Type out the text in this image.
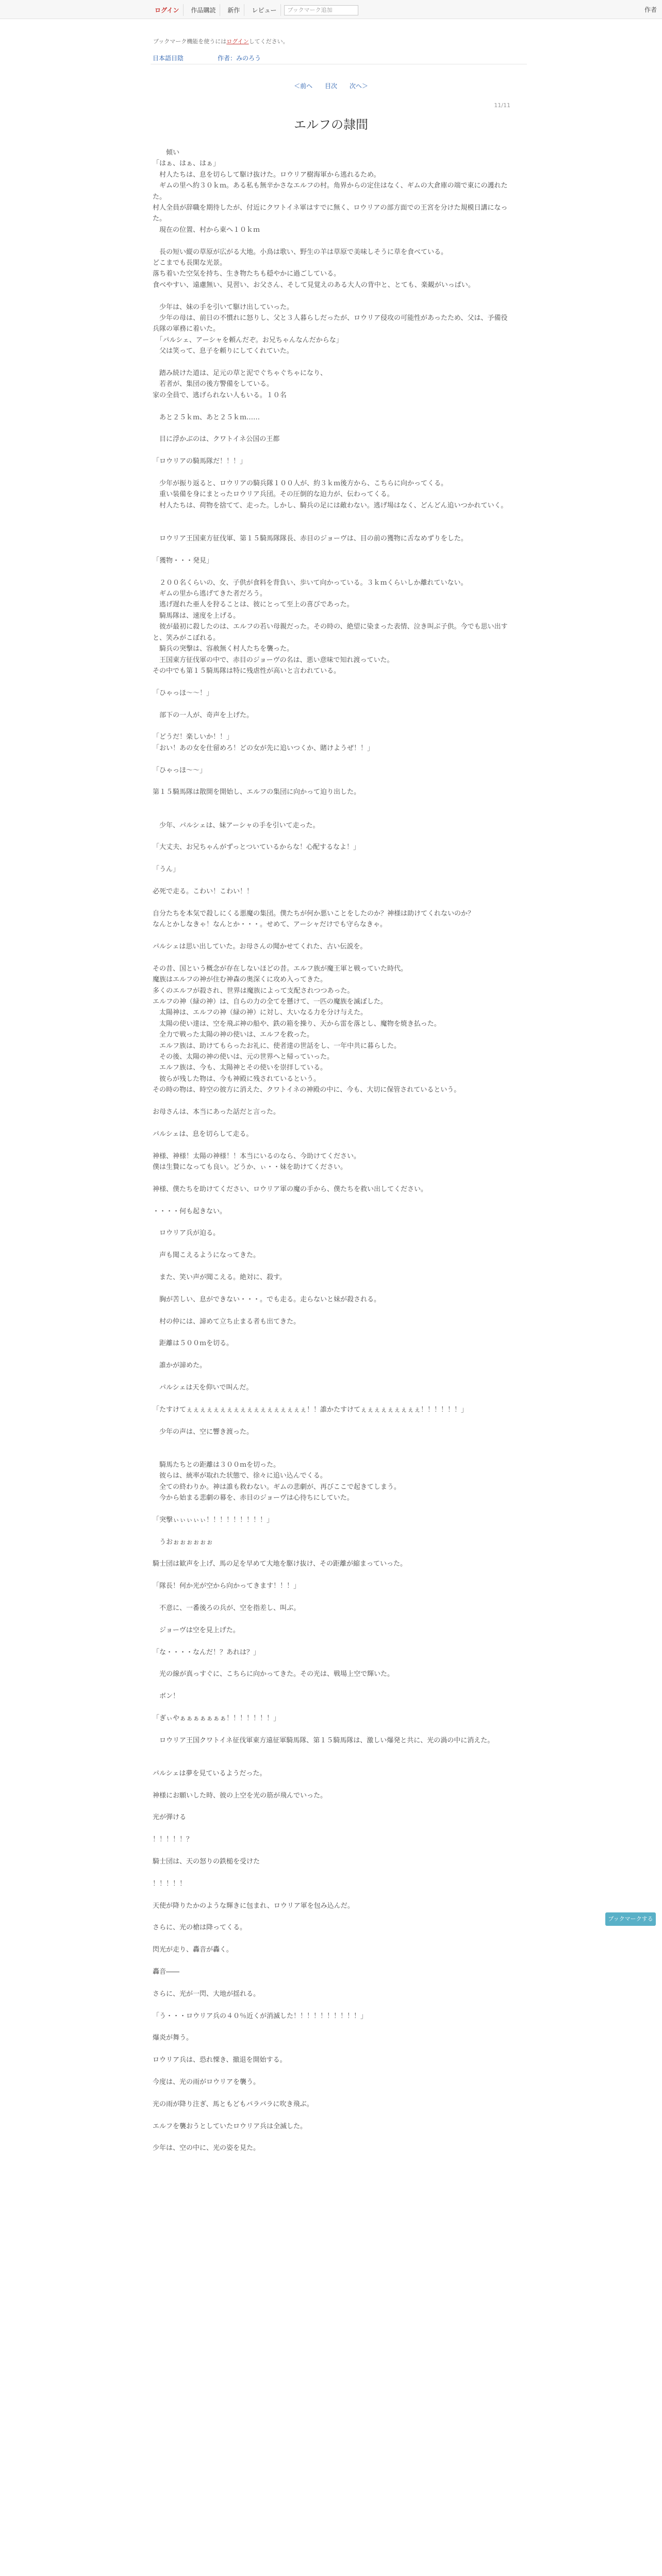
ログイン	作品購読	新作	レビュー	ブックマーク追加	作者
ブックマーク機能を使うにはログインしてください。
日本語日陰	作者：みのろう
＜前へ 目次 次へ＞
11/11
エルフの隷間

　　傾い

「はぁ、はぁ、はぁ」

　村人たちは、息を切らして駆け抜けた。ロウリア樹海軍から逃れるため。

　ギムの里へ約３０ｋｍ。ある私も無辛かさなエルフの村。角界からの定住はなく、ギムの大倉庫の端で東にの護れたた。

村人全員が辞職を期待したが、付近にクワトイネ軍はすでに無く、ロウリアの部方面での王宮を分けた規模日講になった。

　現在の位置、村から東へ１０ｋｍ

　長の短い縦の草原が広がる大地。小鳥は歌い、野生の羊は草原で美味しそうに草を食べている。

どこまでも長閑な光景。

落ち着いた空気を持ち、生き物たちも穏やかに過ごしている。

食べやすい、遠慮無い、見習い、お父さん、そして見覚えのある大人の背中と、とても、楽観がいっぱい。

　少年は、妹の手を引いて駆け出していった。

　少年の母は、前日の不慣れに怒りし、父と３人暮らしだったが、ロウリア侵攻の可能性があったため、父は、予備役兵隊の軍務に着いた。

　「パルシェ、アーシャを頼んだぞ。お兄ちゃんなんだからな」

　父は笑って、息子を頼りにしてくれていた。

　踏み続けた道は、足元の草と泥でぐちゃぐちゃになり、

　若者が、集団の後方警備をしている。

家の全員で、逃げられない人もいる。１０名

　あと２５ｋｍ、あと２５ｋｍ……

　目に浮かぶのは、クワトイネ公国の王都

「ロウリアの騎馬隊だ！！！」

　少年が振り返ると、ロウリアの騎兵隊１００人が、約３ｋｍ後方から、こちらに向かってくる。

　重い装備を身にまとったロウリア兵団。その圧倒的な迫力が、伝わってくる。

　村人たちは、荷物を捨てて、走った。しかし、騎兵の足には敵わない。逃げ場はなく、どんどん追いつかれていく。

　ロウリア王国東方征伐軍、第１５騎馬隊隊長、赤目のジョーヴは、目の前の獲物に舌なめずりをした。

「獲物・・・発見」

　２００名くらいの、女、子供が食料を背負い、歩いて向かっている。３ｋｍくらいしか離れていない。

　ギムの里から逃げてきた者だろう。

　逃げ遅れた亜人を狩ることは、彼にとって至上の喜びであった。

　騎馬隊は、速度を上げる。

　彼が最初に殺したのは、エルフの若い母親だった。その時の、絶望に染まった表情、泣き叫ぶ子供。今でも思い出すと、笑みがこぼれる。

　騎兵の突撃は、容赦無く村人たちを襲った。

　王国東方征伐軍の中で、赤目のジョーヴの名は、悪い意味で知れ渡っていた。

その中でも第１５騎馬隊は特に残虐性が高いと言われている。

「ひゃっほ～～！」

　部下の一人が、奇声を上げた。

「どうだ！楽しいか！！」

「おい！あの女を仕留めろ！どの女が先に追いつくか、賭けようぜ！！」

「ひゃっほ～～」

第１５騎馬隊は散開を開始し、エルフの集団に向かって迫り出した。

　少年、パルシェは、妹アーシャの手を引いて走った。

「大丈夫、お兄ちゃんがずっとついているからな！心配するなよ！」

「うん」

必死で走る。こわい！こわい！！

自分たちを本気で殺しにくる悪魔の集団。僕たちが何か悪いことをしたのか？神様は助けてくれないのか？

なんとかしなきゃ！なんとか・・・。せめて、アーシャだけでも守らなきゃ。

パルシェは思い出していた。お母さんの聞かせてくれた、古い伝説を。

その昔、国という概念が存在しないほどの昔。エルフ族が魔王軍と戦っていた時代。

魔族はエルフの神が住む神森の奥深くに攻め入ってきた。

多くのエルフが殺され、世界は魔族によって支配されつつあった。

エルフの神（緑の神）は、自らの力の全てを懸けて、一匹の魔族を滅ぼした。

　太陽神は、エルフの神（緑の神）に対し、大いなる力を分け与えた。

　太陽の使い達は、空を飛ぶ神の船や、鉄の箱を操り、天から雷を落とし、魔物を焼き払った。

　全力で戦った太陽の神の使いは、エルフを救った。

　エルフ族は、助けてもらったお礼に、使者達の世話をし、一年中共に暮らした。

　その後、太陽の神の使いは、元の世界へと帰っていった。

　エルフ族は、今も、太陽神とその使いを崇拝している。

　彼らが残した物は、今も神殿に残されているという。

その時の物は、時空の彼方に消えた、クワトイネの神殿の中に、今も、大切に保管されているという。

お母さんは、本当にあった話だと言った。

パルシェは、息を切らして走る。

神様、神様！太陽の神様！！本当にいるのなら、今助けてください。

僕は生贄になっても良い。どうか、ぃ・・妹を助けてください。

神様、僕たちを助けてください、ロウリア軍の魔の手から、僕たちを救い出してください。

・・・・何も起きない。

　ロウリア兵が迫る。

　声も聞こえるようになってきた。

　また、笑い声が聞こえる。絶対に、殺す。

　胸が苦しい、息ができない・・・。でも走る。走らないと妹が殺される。

　村の仲には、諦めて立ち止まる者も出てきた。

　距離は５００ｍを切る。

　誰かが諦めた。

　パルシェは天を仰いで叫んだ。

「たすけてぇぇぇぇぇぇぇぇぇぇぇぇぇぇぇぇぇぇ！！誰かたすけてぇぇぇぇぇぇぇぇぇ！！！！！！」

　少年の声は、空に響き渡った。

　騎馬たちとの距離は３００ｍを切った。

　彼らは、統率が取れた状態で、徐々に追い込んでくる。

　全ての終わりか。神は誰も救わない。ギムの悲劇が、再びここで起きてしまう。

　今から始まる悲劇の幕を、赤目のジョーヴは心待ちにしていた。

「突撃ぃぃぃぃぃ！！！！！！！！！」

　うおぉぉぉぉぉぉ

騎士団は歓声を上げ、馬の足を早めて大地を駆け抜け、その距離が縮まっていった。

「隊長！何か光が空から向かってきます！！！」

　不意に、一番後ろの兵が、空を指差し、叫ぶ。

　ジョーヴは空を見上げた。

「な・・・・なんだ！？あれは？」

　光の線が真っすぐに、こちらに向かってきた。その光は、戦場上空で輝いた。

　ボン！

「ぎぃやぁぁぁぁぁぁぁ！！！！！！！」

　ロウリア王国クワトイネ征伐軍東方遠征軍騎馬隊、第１５騎馬隊は、激しい爆発と共に、光の渦の中に消えた。

パルシェは夢を見ているようだった。

神様にお願いした時、彼の上空を光の筋が飛んでいった。

光が弾ける

！！！！！？

騎士団は、天の怒りの鉄槌を受けた

！！！！！

天使が降りたかのような輝きに包まれ、ロウリア軍を包み込んだ。

さらに、光の槍は降ってくる。

閃光が走り、轟音が轟く。

轟音――

さらに、光が一閃、大地が揺れる。

「う・・・ロウリア兵の４０％近くが消滅した！！！！！！！！！！」

爆炎が舞う。

ロウリア兵は、恐れ慄き、撤退を開始する。

今度は、光の雨がロウリアを襲う。

光の雨が降り注ぎ、馬ともどもバラバラに吹き飛ぶ。

エルフを襲おうとしていたロウリア兵は全滅した。

少年は、空の中に、光の姿を見た。

ブックマークする
